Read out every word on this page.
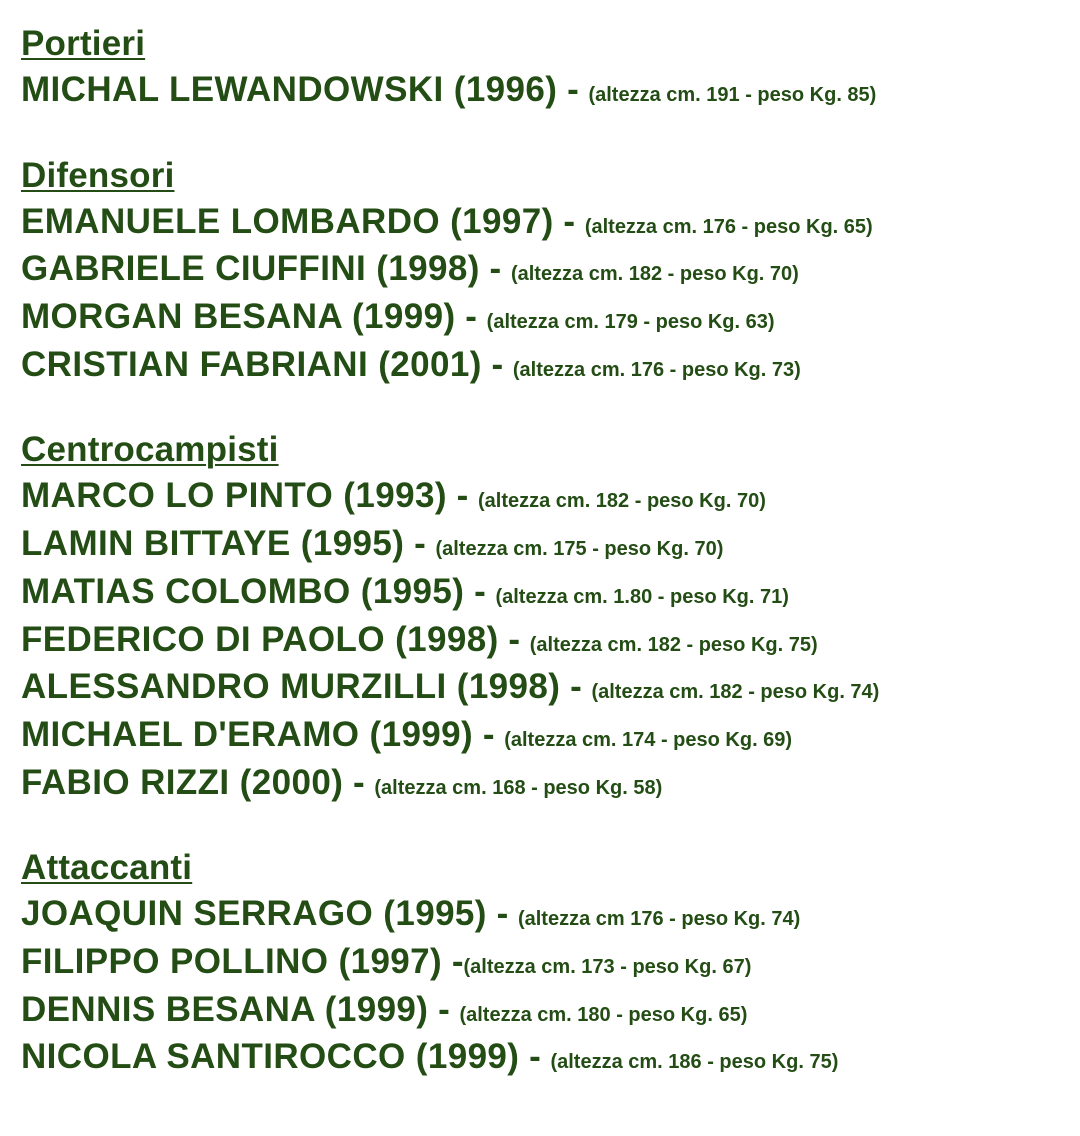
Portieri
MICHAL LEWANDOWSKI (1996) - (altezza cm. 191 - peso Kg. 85)
Difensori
EMANUELE LOMBARDO (1997) - (altezza cm. 176 - peso Kg. 65)
GABRIELE CIUFFINI (1998) - (altezza cm. 182 - peso Kg. 70)
MORGAN BESANA (1999) - (altezza cm. 179 - peso Kg. 63)
CRISTIAN FABRIANI (2001) - (altezza cm. 176 - peso Kg. 73)
Centrocampisti
MARCO LO PINTO (1993) - (altezza cm. 182 - peso Kg. 70)
LAMIN BITTAYE (1995) - (altezza cm. 175 - peso Kg. 70)
MATIAS COLOMBO (1995) - (altezza cm. 1.80 - peso Kg. 71)
FEDERICO DI PAOLO (1998) - (altezza cm. 182 - peso Kg. 75)
ALESSANDRO MURZILLI (1998) - (altezza cm. 182 - peso Kg. 74)
MICHAEL D'ERAMO (1999) - (altezza cm. 174 - peso Kg. 69)
FABIO RIZZI (2000) - (altezza cm. 168 - peso Kg. 58)
Attaccanti
JOAQUIN SERRAGO (1995) - (altezza cm 176 - peso Kg. 74)
FILIPPO POLLINO (1997) -(altezza cm. 173 - peso Kg. 67)
DENNIS BESANA (1999) - (altezza cm. 180 - peso Kg. 65)
NICOLA SANTIROCCO (1999) - (altezza cm. 186 - peso Kg. 75)
